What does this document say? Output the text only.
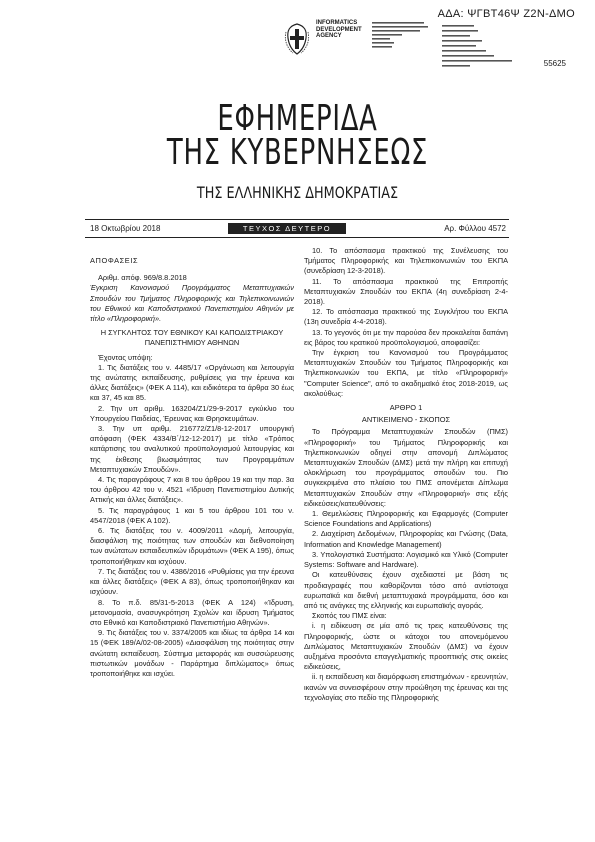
ΑΔΑ: ΨΓΒΤ46Ψ Ζ2Ν-ΔΜΟ
INFORMATICS
DEVELOPMENT
AGENCY
55625
ΕΦΗΜΕΡΙΔΑ
ΤΗΣ ΚΥΒΕΡΝΗΣΕΩΣ
ΤΗΣ ΕΛΛΗΝΙΚΗΣ ΔΗΜΟΚΡΑΤΙΑΣ
18 Οκτωβρίου 2018	ΤΕΥΧΟΣ ΔΕΥΤΕΡΟ	Αρ. Φύλλου 4572

ΑΠΟΦΑΣΕΙΣ

Αριθμ. απόφ. 969/8.8.2018

Έγκριση Κανονισμού Προγράμματος Μεταπτυχιακών Σπουδών του Τμήματος Πληροφορικής και Τηλεπικοινωνιών του Εθνικού και Καποδιστριακού Πανεπιστημίου Αθηνών με τίτλο «Πληροφορική».

Η ΣΥΓΚΛΗΤΟΣ ΤΟΥ ΕΘΝΙΚΟΥ ΚΑΙ ΚΑΠΟΔΙΣΤΡΙΑΚΟΥ ΠΑΝΕΠΙΣΤΗΜΙΟΥ ΑΘΗΝΩΝ

Έχοντας υπόψη:

1. Τις διατάξεις του ν. 4485/17 «Οργάνωση και λειτουργία της ανώτατης εκπαίδευσης, ρυθμίσεις για την έρευνα και άλλες διατάξεις» (ΦΕΚ Α 114), και ειδικότερα τα άρθρα 30 έως και 37, 45 και 85.

2. Την υπ αριθμ. 163204/Ζ1/29-9-2017 εγκύκλιο του Υπουργείου Παιδείας, Έρευνας και Θρησκευμάτων.

3. Την υπ αριθμ. 216772/Ζ1/8-12-2017 υπουργική απόφαση (ΦΕΚ 4334/Β΄/12-12-2017) με τίτλο «Τρόπος κατάρτισης του αναλυτικού προϋπολογισμού λειτουργίας και της έκθεσης βιωσιμότητας των Προγραμμάτων Μεταπτυχιακών Σπουδών».

4. Τις παραγράφους 7 και 8 του άρθρου 19 και την παρ. 3α του άρθρου 42 του ν. 4521 «Ίδρυση Πανεπιστημίου Δυτικής Αττικής και άλλες διατάξεις».

5. Τις παραγράφους 1 και 5 του άρθρου 101 του ν. 4547/2018 (ΦΕΚ Α 102).

6. Τις διατάξεις του ν. 4009/2011 «Δομή, λειτουργία, διασφάλιση της ποιότητας των σπουδών και διεθνοποίηση των ανώτατων εκπαιδευτικών ιδρυμάτων» (ΦΕΚ Α 195), όπως τροποποιήθηκαν και ισχύουν.

7. Τις διατάξεις του ν. 4386/2016 «Ρυθμίσεις για την έρευνα και άλλες διατάξεις» (ΦΕΚ Α 83), όπως τροποποιήθηκαν και ισχύουν.

8. Το π.δ. 85/31-5-2013 (ΦΕΚ Α 124) «Ίδρυση, μετονομασία, ανασυγκρότηση Σχολών και ίδρυση Τμήματος στο Εθνικό και Καποδιστριακό Πανεπιστήμιο Αθηνών».

9. Τις διατάξεις του ν. 3374/2005 και ιδίως τα άρθρα 14 και 15 (ΦΕΚ 189/Α/02-08-2005) «Διασφάλιση της ποιότητας στην ανώτατη εκπαίδευση. Σύστημα μεταφοράς και συσσώρευσης πιστωτικών μονάδων - Παράρτημα διπλώματος» όπως τροποποιήθηκε και ισχύει.

10. Το απόσπασμα πρακτικού της Συνέλευσης του Τμήματος Πληροφορικής και Τηλεπικοινωνιών του ΕΚΠΑ (συνεδρίαση 12-3-2018).

11. Το απόσπασμα πρακτικού της Επιτροπής Μεταπτυχιακών Σπουδών του ΕΚΠΑ (4η συνεδρίαση 2-4-2018).

12. Το απόσπασμα πρακτικού της Συγκλήτου του ΕΚΠΑ (13η συνεδρία 4-4-2018).

13. Το γεγονός ότι με την παρούσα δεν προκαλείται δαπάνη εις βάρος του κρατικού προϋπολογισμού, αποφασίζει:

Την έγκριση του Κανονισμού του Προγράμματος Μεταπτυχιακών Σπουδών του Τμήματος Πληροφορικής και Τηλεπικοινωνιών του ΕΚΠΑ, με τίτλο «Πληροφορική» "Computer Science", από το ακαδημαϊκό έτος 2018-2019, ως ακολούθως:

ΑΡΘΡΟ 1

ΑΝΤΙΚΕΙΜΕΝΟ - ΣΚΟΠΟΣ

Το Πρόγραμμα Μεταπτυχιακών Σπουδών (ΠΜΣ) «Πληροφορική» του Τμήματος Πληροφορικής και Τηλεπικοινωνιών οδηγεί στην απονομή Διπλώματος Μεταπτυχιακών Σπουδών (ΔΜΣ) μετά την πλήρη και επιτυχή ολοκλήρωση του προγράμματος σπουδών του. Πιο συγκεκριμένα στο πλαίσιο του ΠΜΣ απονέμεται Δίπλωμα Μεταπτυχιακών Σπουδών στην «Πληροφορική» στις εξής ειδικεύσεις/κατευθύνσεις:

1. Θεμελιώσεις Πληροφορικής και Εφαρμογές (Computer Science Foundations and Applications)

2. Διαχείριση Δεδομένων, Πληροφορίας και Γνώσης (Data, Information and Knowledge Management)

3. Υπολογιστικά Συστήματα: Λογισμικό και Υλικό (Computer Systems: Software and Hardware).

Οι κατευθύνσεις έχουν σχεδιαστεί με βάση τις προδιαγραφές που καθορίζονται τόσο από αντίστοιχα ευρωπαϊκά και διεθνή μεταπτυχιακά προγράμματα, όσο και από τις ανάγκες της ελληνικής και ευρωπαϊκής αγοράς.

Σκοπός του ΠΜΣ είναι:

i. η ειδίκευση σε μία από τις τρεις κατευθύνσεις της Πληροφορικής, ώστε οι κάτοχοι του απονεμόμενου Διπλώματος Μεταπτυχιακών Σπουδών (ΔΜΣ) να έχουν αυξημένα προσόντα επαγγελματικής προοπτικής στις οικείες ειδικεύσεις,

ii. η εκπαίδευση και διαμόρφωση επιστημόνων - ερευνητών, ικανών να συνεισφέρουν στην προώθηση της έρευνας και της τεχνολογίας στο πεδίο της Πληροφορικής
